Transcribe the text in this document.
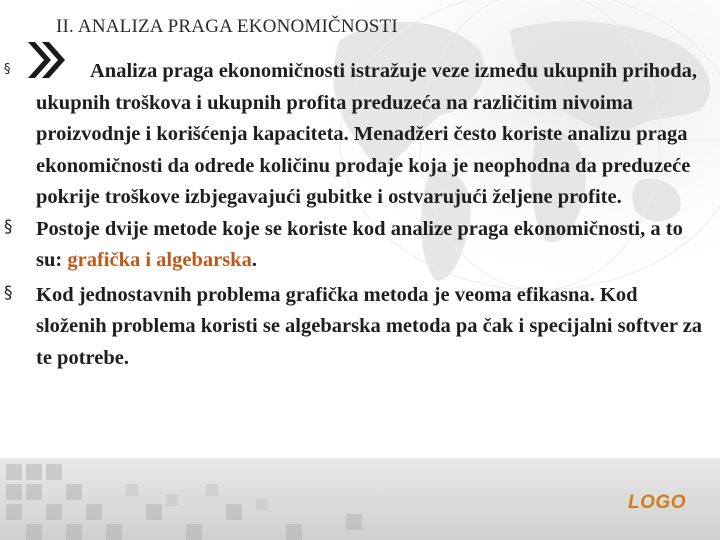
II. ANALIZA PRAGA EKONOMIČNOSTI
§	Analiza praga ekonomičnosti istražuje veze između ukupnih prihoda, ukupnih troškova i ukupnih profita preduzeća na različitim nivoima proizvodnje i korišćenja kapaciteta. Menadžeri često koriste analizu praga ekonomičnosti da odrede količinu prodaje koja je neophodna da preduzeće pokrije troškove izbjegavajući gubitke i ostvarujući željene profite.
§ Postoje dvije metode koje se koriste kod analize praga ekonomičnosti, a to su: grafička i algebarska.
§ Kod jednostavnih problema grafička metoda je veoma efikasna. Kod složenih problema koristi se algebarska metoda pa čak i specijalni softver za te potrebe.
LOGO
